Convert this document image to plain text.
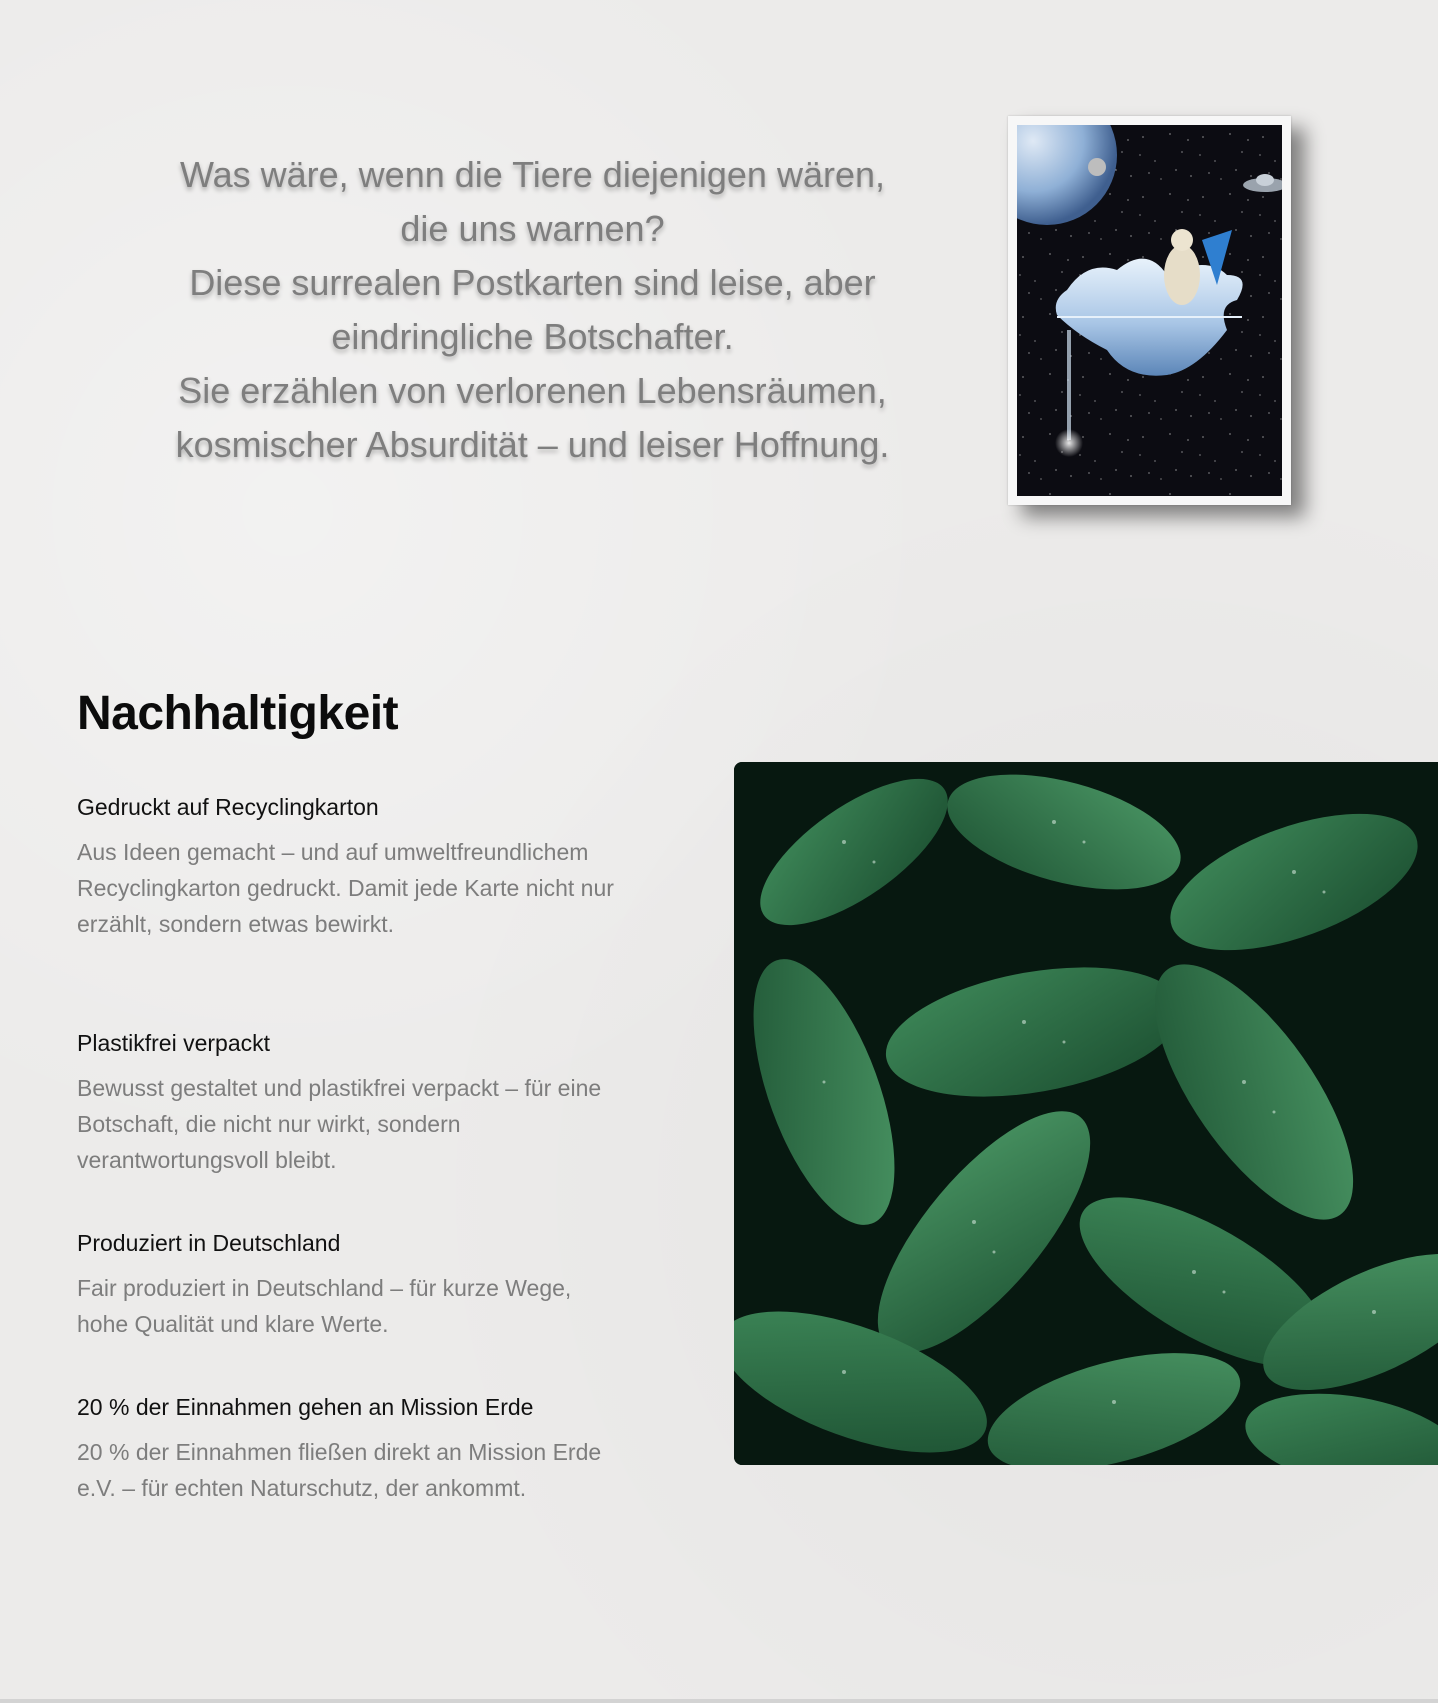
Was wäre, wenn die Tiere diejenigen wären,

die uns warnen?

Diese surrealen Postkarten sind leise, aber

eindringliche Botschafter.

Sie erzählen von verlorenen Lebensräumen,

kosmischer Absurdität – und leiser Hoffnung.

Nachhaltigkeit
Gedruckt auf Recyclingkarton

Aus Ideen gemacht – und auf umweltfreundlichem Recyclingkarton gedruckt. Damit jede Karte nicht nur erzählt, sondern etwas bewirkt.

Plastikfrei verpackt

Bewusst gestaltet und plastikfrei verpackt – für eine Botschaft, die nicht nur wirkt, sondern verantwortungsvoll bleibt.

Produziert in Deutschland

Fair produziert in Deutschland – für kurze Wege, hohe Qualität und klare Werte.

20 % der Einnahmen gehen an Mission Erde

20 % der Einnahmen fließen direkt an Mission Erde e.V. – für echten Naturschutz, der ankommt.
